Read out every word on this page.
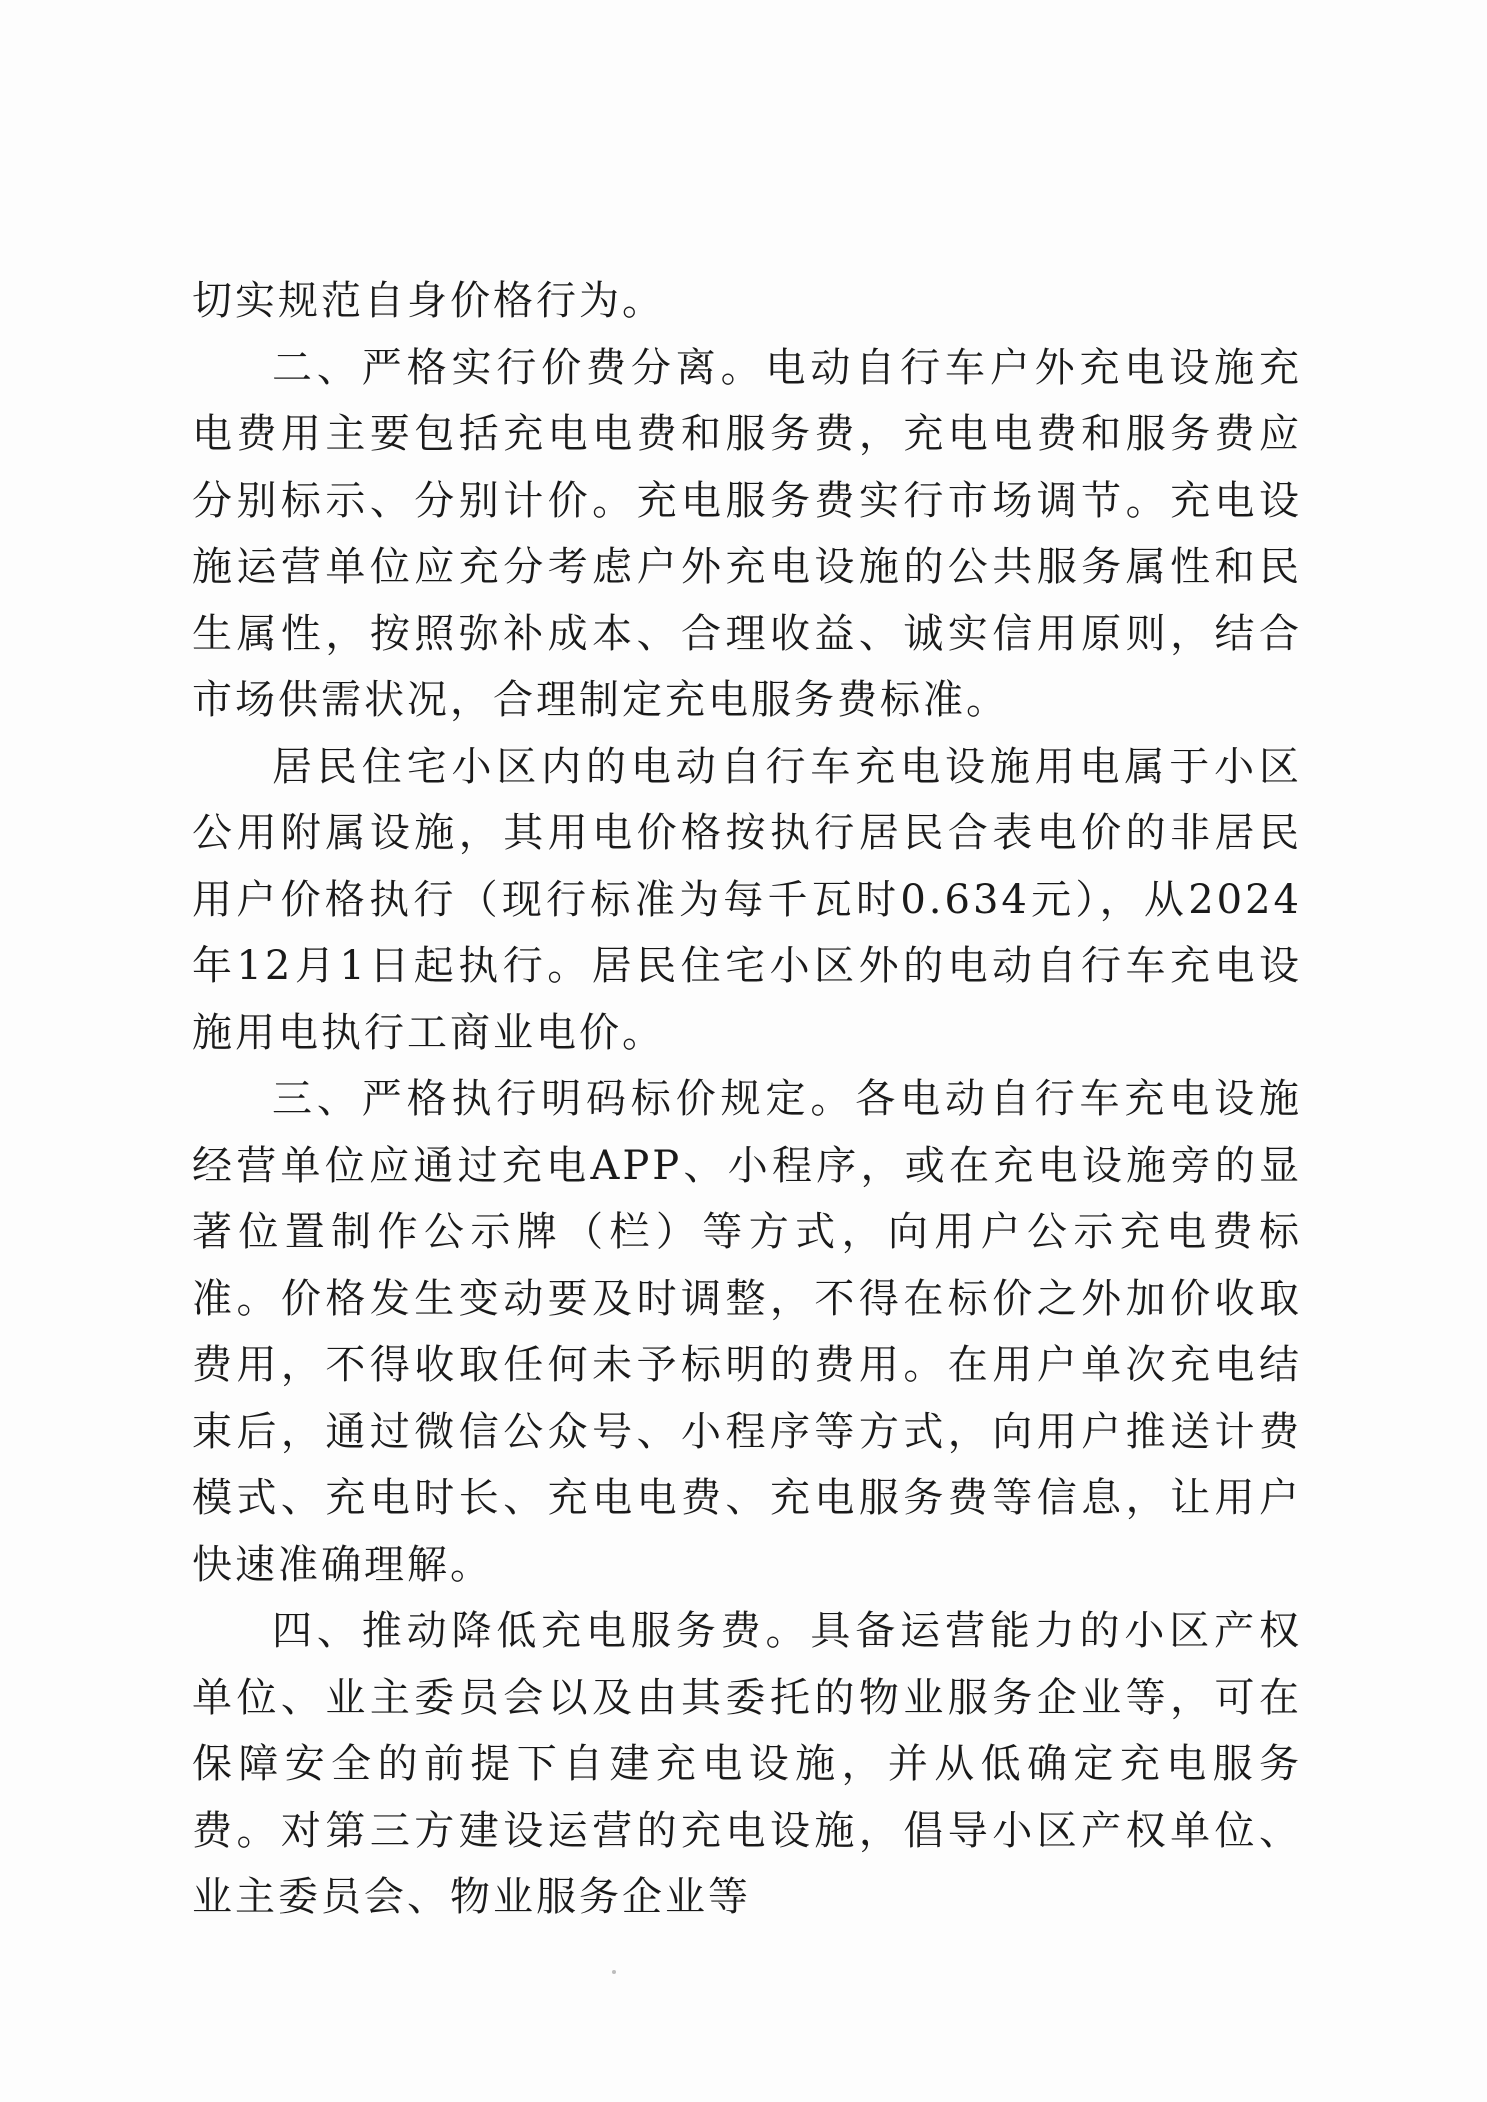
切实规范自身价格行为。

二、严格实行价费分离。电动自行车户外充电设施充电费用主要包括充电电费和服务费，充电电费和服务费应分别标示、分别计价。充电服务费实行市场调节。充电设施运营单位应充分考虑户外充电设施的公共服务属性和民生属性，按照弥补成本、合理收益、诚实信用原则，结合市场供需状况，合理制定充电服务费标准。

居民住宅小区内的电动自行车充电设施用电属于小区公用附属设施，其用电价格按执行居民合表电价的非居民用户价格执行（现行标准为每千瓦时0.634元），从2024年12月1日起执行。居民住宅小区外的电动自行车充电设施用电执行工商业电价。

三、严格执行明码标价规定。各电动自行车充电设施经营单位应通过充电APP、小程序，或在充电设施旁的显著位置制作公示牌（栏）等方式，向用户公示充电费标准。价格发生变动要及时调整，不得在标价之外加价收取费用，不得收取任何未予标明的费用。在用户单次充电结束后，通过微信公众号、小程序等方式，向用户推送计费模式、充电时长、充电电费、充电服务费等信息，让用户快速准确理解。

四、推动降低充电服务费。具备运营能力的小区产权单位、业主委员会以及由其委托的物业服务企业等，可在保障安全的前提下自建充电设施，并从低确定充电服务费。对第三方建设运营的充电设施，倡导小区产权单位、业主委员会、物业服务企业等
